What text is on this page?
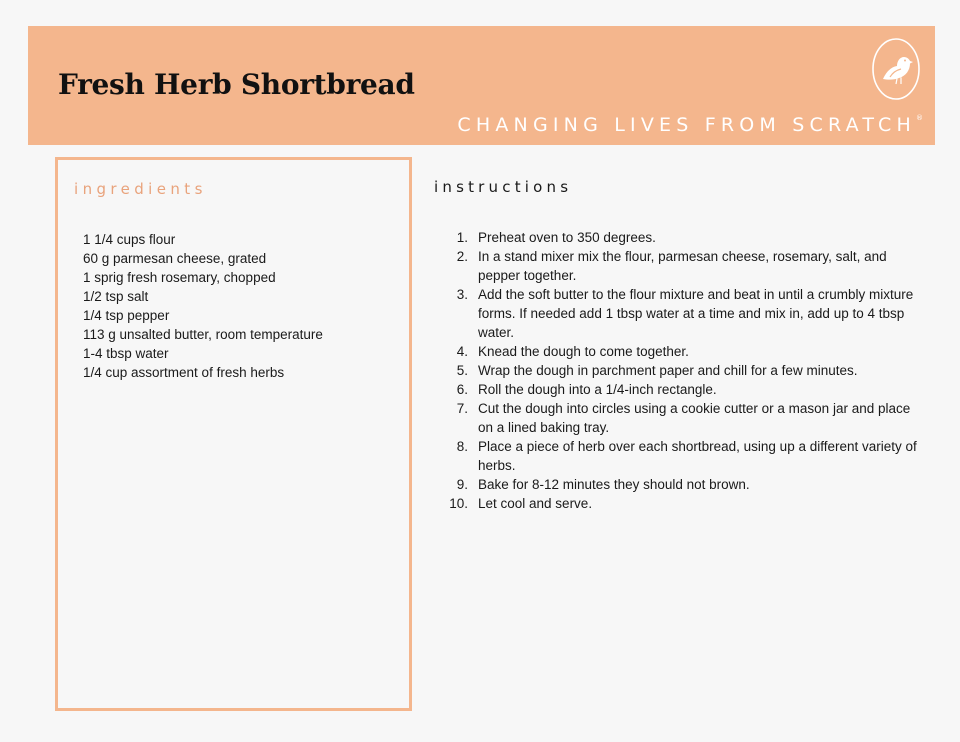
Fresh Herb Shortbread
CHANGING LIVES FROM SCRATCH®
ingredients
1 1/4 cups flour
60 g parmesan cheese, grated
1 sprig fresh rosemary, chopped
1/2 tsp salt
1/4 tsp pepper
113 g unsalted butter, room temperature
1-4 tbsp water
1/4 cup assortment of fresh herbs
instructions
1. Preheat oven to 350 degrees.
2. In a stand mixer mix the flour, parmesan cheese, rosemary, salt, and pepper together.
3. Add the soft butter to the flour mixture and beat in until a crumbly mixture forms. If needed add 1 tbsp water at a time and mix in, add up to 4 tbsp water.
4. Knead the dough to come together.
5. Wrap the dough in parchment paper and chill for a few minutes.
6. Roll the dough into a 1/4-inch rectangle.
7. Cut the dough into circles using a cookie cutter or a mason jar and place on a lined baking tray.
8. Place a piece of herb over each shortbread, using up a different variety of herbs.
9. Bake for 8-12 minutes they should not brown.
10. Let cool and serve.
